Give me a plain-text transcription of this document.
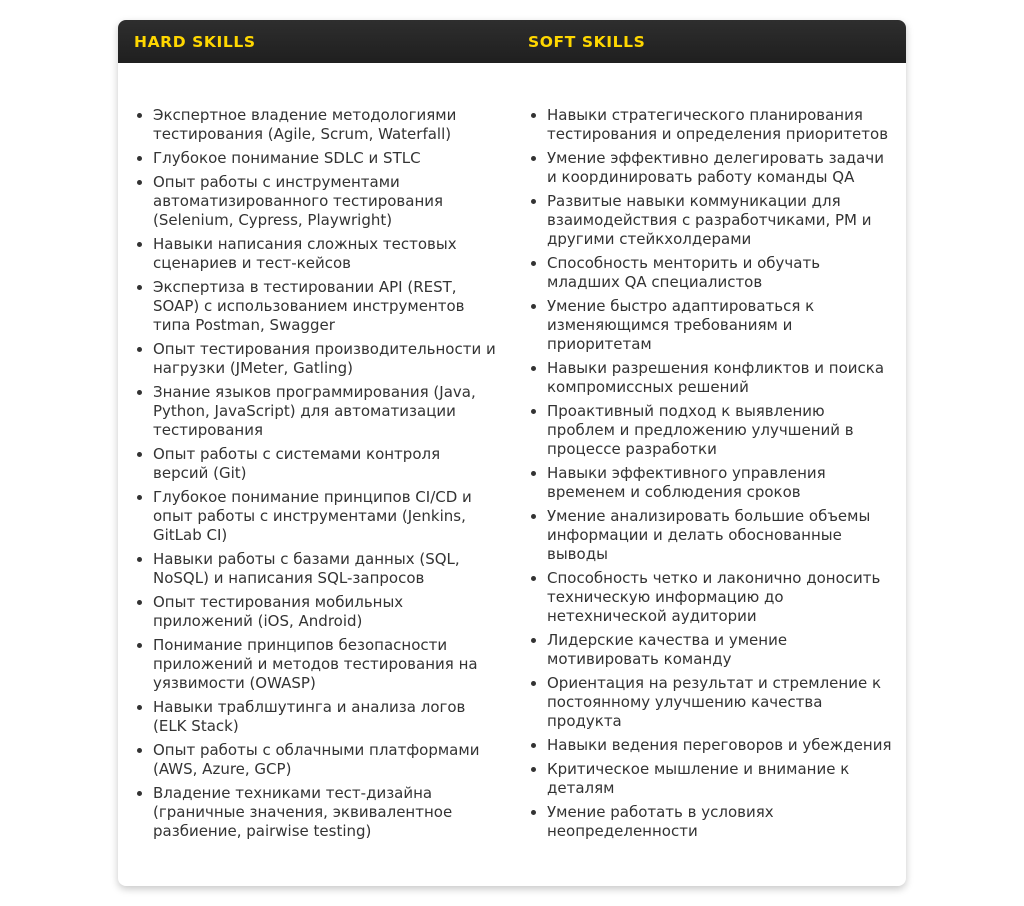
HARD SKILLS	SOFT SKILLS
• Экспертное владение методологиями тестирования (Agile, Scrum, Waterfall)
• Глубокое понимание SDLC и STLC
• Опыт работы с инструментами автоматизированного тестирования (Selenium, Cypress, Playwright)
• Навыки написания сложных тестовых сценариев и тест-кейсов
• Экспертиза в тестировании API (REST, SOAP) с использованием инструментов типа Postman, Swagger
• Опыт тестирования производительности и нагрузки (JMeter, Gatling)
• Знание языков программирования (Java, Python, JavaScript) для автоматизации тестирования
• Опыт работы с системами контроля версий (Git)
• Глубокое понимание принципов CI/CD и опыт работы с инструментами (Jenkins, GitLab CI)
• Навыки работы с базами данных (SQL, NoSQL) и написания SQL-запросов
• Опыт тестирования мобильных приложений (iOS, Android)
• Понимание принципов безопасности приложений и методов тестирования на уязвимости (OWASP)
• Навыки траблшутинга и анализа логов (ELK Stack)
• Опыт работы с облачными платформами (AWS, Azure, GCP)
• Владение техниками тест-дизайна (граничные значения, эквивалентное разбиение, pairwise testing)
• Навыки стратегического планирования тестирования и определения приоритетов
• Умение эффективно делегировать задачи и координировать работу команды QA
• Развитые навыки коммуникации для взаимодействия с разработчиками, PM и другими стейкхолдерами
• Способность менторить и обучать младших QA специалистов
• Умение быстро адаптироваться к изменяющимся требованиям и приоритетам
• Навыки разрешения конфликтов и поиска компромиссных решений
• Проактивный подход к выявлению проблем и предложению улучшений в процессе разработки
• Навыки эффективного управления временем и соблюдения сроков
• Умение анализировать большие объемы информации и делать обоснованные выводы
• Способность четко и лаконично доносить техническую информацию до нетехнической аудитории
• Лидерские качества и умение мотивировать команду
• Ориентация на результат и стремление к постоянному улучшению качества продукта
• Навыки ведения переговоров и убеждения
• Критическое мышление и внимание к деталям
• Умение работать в условиях неопределенности
